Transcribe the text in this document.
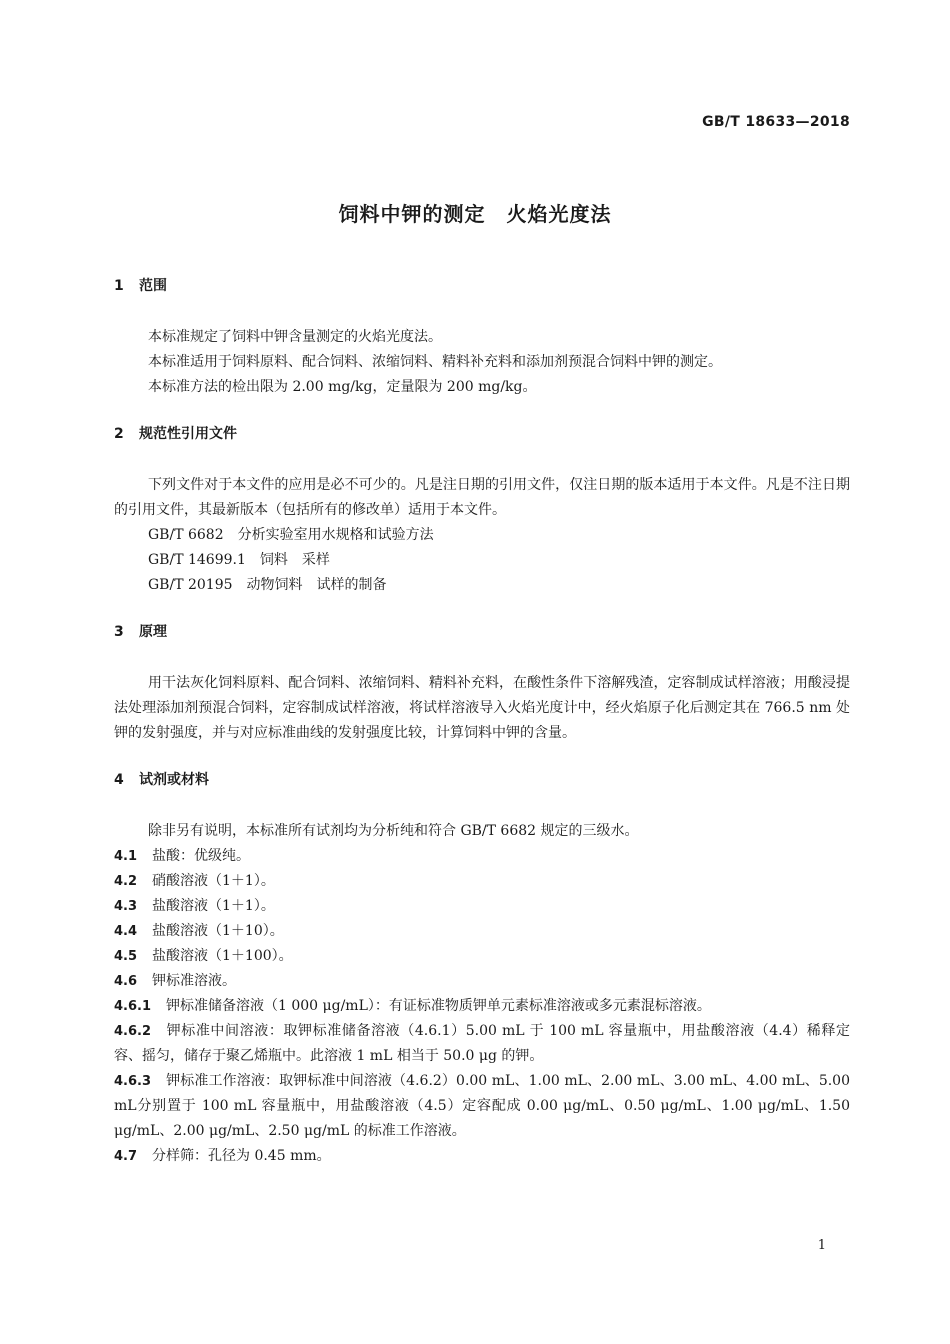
GB/T 18633—2018
饲料中钾的测定　火焰光度法
1 范围
本标准规定了饲料中钾含量测定的火焰光度法。
本标准适用于饲料原料、配合饲料、浓缩饲料、精料补充料和添加剂预混合饲料中钾的测定。
本标准方法的检出限为 2.00 mg/kg，定量限为 200 mg/kg。
2 规范性引用文件
下列文件对于本文件的应用是必不可少的。凡是注日期的引用文件，仅注日期的版本适用于本文件。凡是不注日期的引用文件，其最新版本（包括所有的修改单）适用于本文件。
GB/T 6682　分析实验室用水规格和试验方法
GB/T 14699.1　饲料　采样
GB/T 20195　动物饲料　试样的制备
3 原理
用干法灰化饲料原料、配合饲料、浓缩饲料、精料补充料，在酸性条件下溶解残渣，定容制成试样溶液；用酸浸提法处理添加剂预混合饲料，定容制成试样溶液，将试样溶液导入火焰光度计中，经火焰原子化后测定其在 766.5 nm 处钾的发射强度，并与对应标准曲线的发射强度比较，计算饲料中钾的含量。
4 试剂或材料
除非另有说明，本标准所有试剂均为分析纯和符合 GB/T 6682 规定的三级水。
4.1 盐酸：优级纯。
4.2 硝酸溶液（1＋1）。
4.3 盐酸溶液（1＋1）。
4.4 盐酸溶液（1＋10）。
4.5 盐酸溶液（1＋100）。
4.6 钾标准溶液。
4.6.1 钾标准储备溶液（1 000 μg/mL）：有证标准物质钾单元素标准溶液或多元素混标溶液。
4.6.2 钾标准中间溶液：取钾标准储备溶液（4.6.1）5.00 mL 于 100 mL 容量瓶中，用盐酸溶液（4.4）稀释定容、摇匀，储存于聚乙烯瓶中。此溶液 1 mL 相当于 50.0 μg 的钾。
4.6.3 钾标准工作溶液：取钾标准中间溶液（4.6.2）0.00 mL、1.00 mL、2.00 mL、3.00 mL、4.00 mL、5.00 mL分别置于 100 mL 容量瓶中，用盐酸溶液（4.5）定容配成 0.00 μg/mL、0.50 μg/mL、1.00 μg/mL、1.50 μg/mL、2.00 μg/mL、2.50 μg/mL 的标准工作溶液。
4.7 分样筛：孔径为 0.45 mm。
1
